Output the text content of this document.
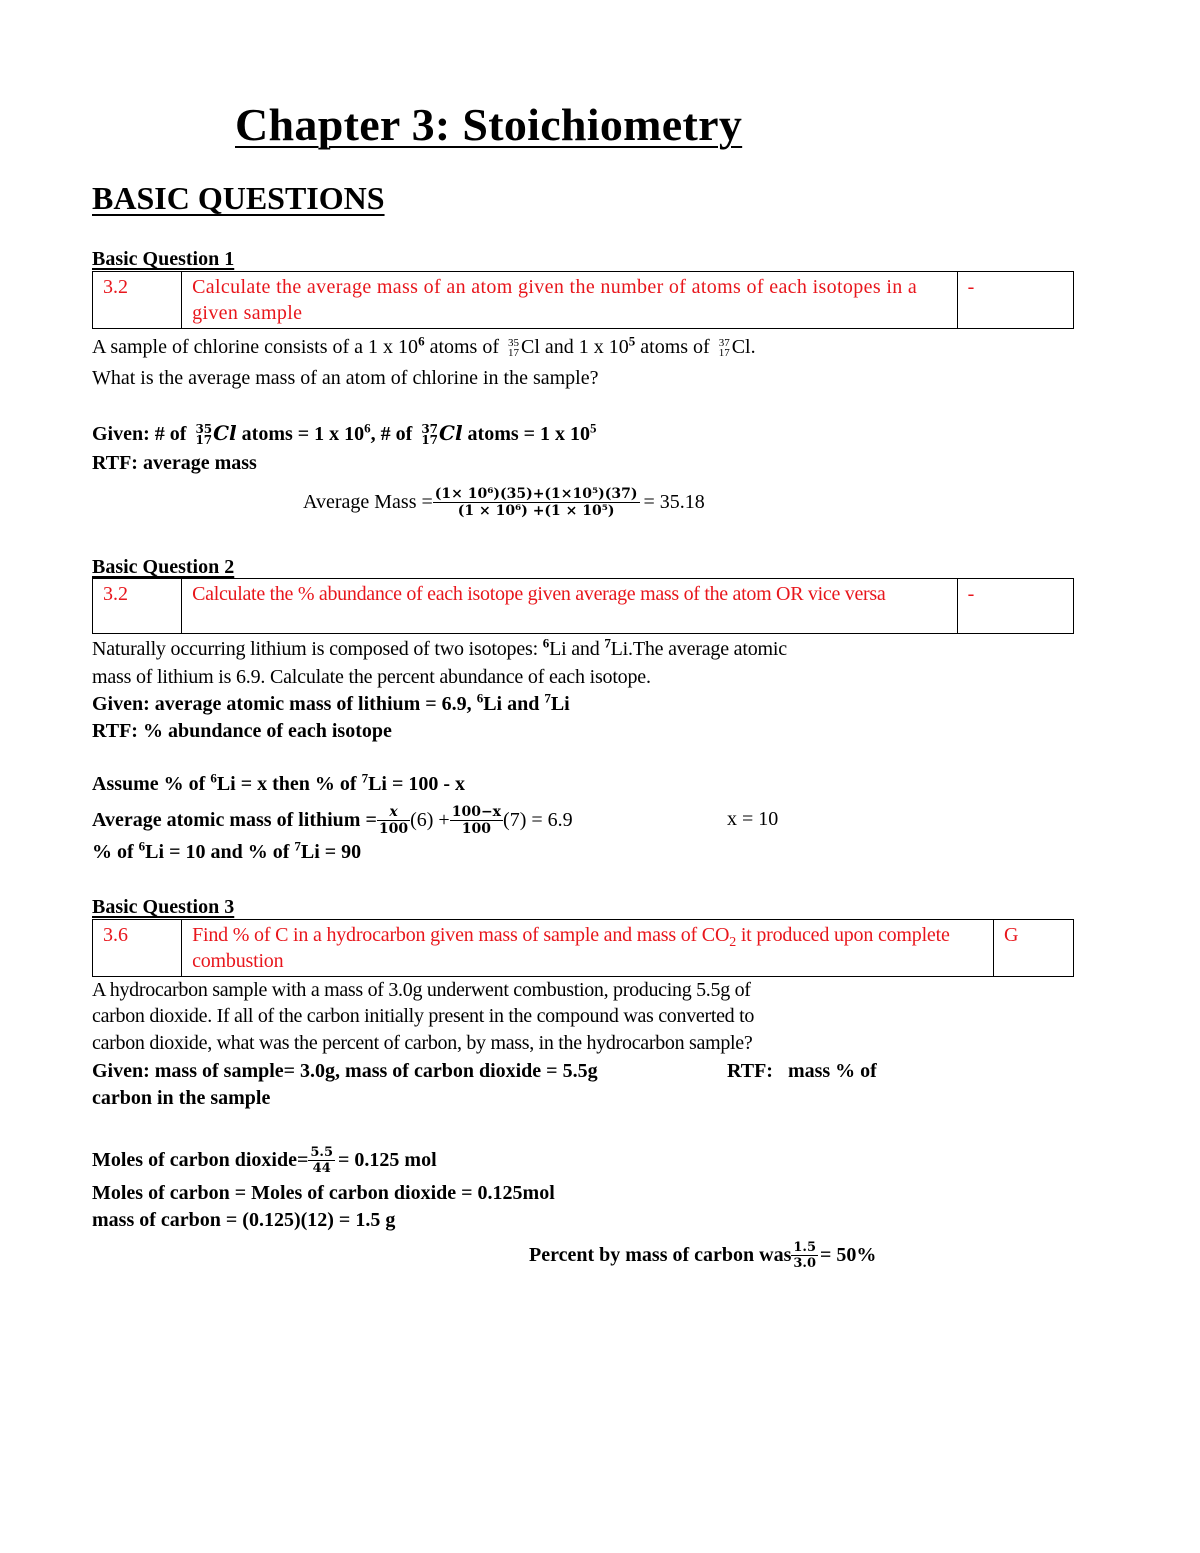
Chapter 3: Stoichiometry
BASIC QUESTIONS
Basic Question 1
3.2	Calculate the average mass of an atom given the number of atoms of each isotopes in a given sample	-
A sample of chlorine consists of a 1 x $10^6$ atoms of 35
17 Cl and 1 x $10^5$ atoms of 37
17 Cl.
What is the average mass of an atom of chlorine in the sample?
Given: # of 35
17 Cl atoms = 1 x $10^6$, # of 37
17 Cl atoms = 1 x $10^5$
RTF: average mass
Average Mass = $\frac{\text{(1× 10⁶)(35)+(1×10⁵)(37)}}{\text{(1 × 10⁶) +(1 × 10⁵)}} = 35.18$
Basic Question 2
3.2	Calculate the % abundance of each isotope given average mass of the atom OR vice versa	-
Naturally occurring lithium is composed of two isotopes: $^6$Li and $^7$Li.The average atomic
mass of lithium is 6.9. Calculate the percent abundance of each isotope.
Given: average atomic mass of lithium = 6.9, $^6$Li and $^7$Li
RTF: % abundance of each isotope
Assume % of $^6$Li = x then % of $^7$Li = 100 - x
Average atomic mass of lithium = $\frac{x}{100} (6) + \frac{100-x}{100} (7) = 6.9$	x = 10
% of $^6$Li = 10 and % of $^7$Li = 90
Basic Question 3
3.6	Find % of C in a hydrocarbon given mass of sample and mass of $CO_2$ it produced upon complete combustion	G
A hydrocarbon sample with a mass of 3.0g underwent combustion, producing 5.5g of
carbon dioxide. If all of the carbon initially present in the compound was converted to
carbon dioxide, what was the percent of carbon, by mass, in the hydrocarbon sample?
Given: mass of sample= 3.0g, mass of carbon dioxide = 5.5g	RTF:   mass % of
carbon in the sample
Moles of carbon dioxide= $\frac{5.5}{44} = 0.125$ mol
Moles of carbon = Moles of carbon dioxide = 0.125mol
mass of carbon = (0.125)(12) = 1.5 g
Percent by mass of carbon was $\frac{1.5}{3.0} = 50\%$
